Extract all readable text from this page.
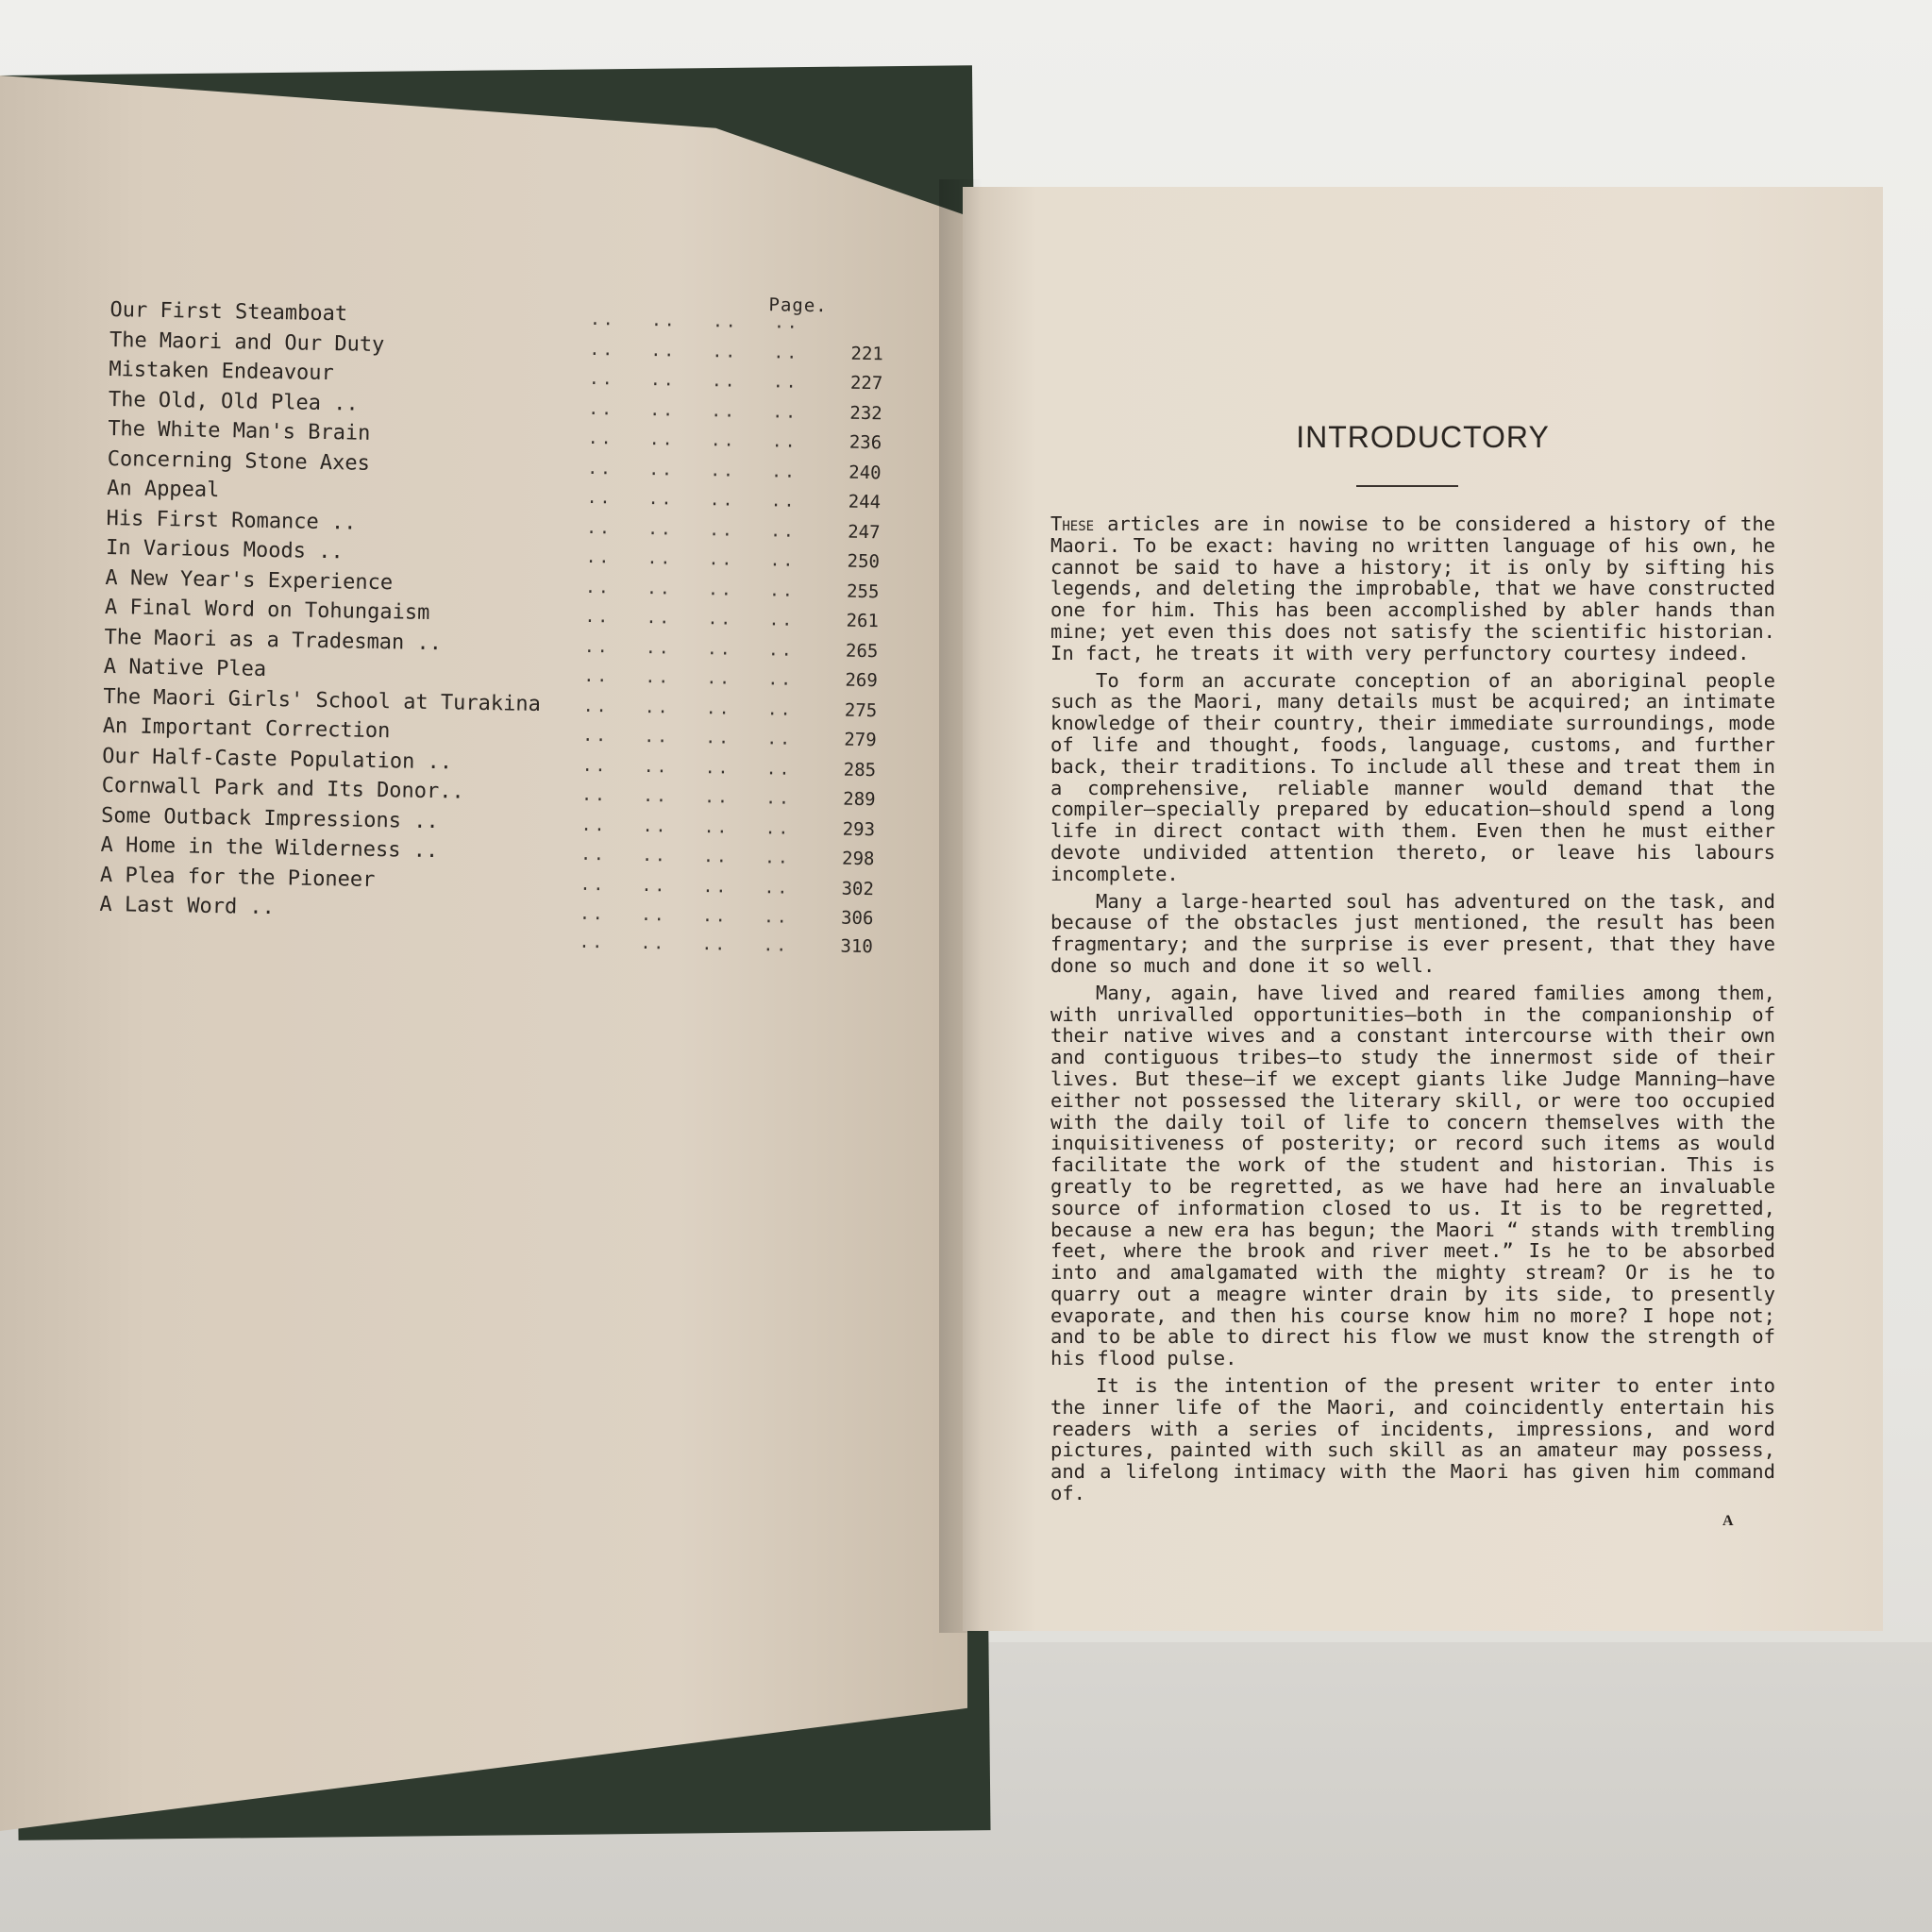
Page.
Our First Steamboat	.. .. .. ..
The Maori and Our Duty	.. .. .. ..	221
Mistaken Endeavour	.. .. .. ..	227
The Old, Old Plea ..	.. .. .. ..	232
The White Man's Brain	.. .. .. ..	236
Concerning Stone Axes	.. .. .. ..	240
An Appeal	.. .. .. ..	244
His First Romance ..	.. .. .. ..	247
In Various Moods ..	.. .. .. ..	250
A New Year's Experience	.. .. .. ..	255
A Final Word on Tohungaism	.. .. .. ..	261
The Maori as a Tradesman ..	.. .. .. ..	265
A Native Plea	.. .. .. ..	269
The Maori Girls' School at Turakina	.. .. .. ..	275
An Important Correction	.. .. .. ..	279
Our Half-Caste Population ..	.. .. .. ..	285
Cornwall Park and Its Donor..	.. .. .. ..	289
Some Outback Impressions ..	.. .. .. ..	293
A Home in the Wilderness ..	.. .. .. ..	298
A Plea for the Pioneer	.. .. .. ..	302
A Last Word ..	.. .. .. ..	306
.. .. .. ..	310
INTRODUCTORY

These articles are in nowise to be considered a history of the Maori. To be exact: having no written language of his own, he cannot be said to have a history; it is only by sifting his legends, and deleting the improbable, that we have constructed one for him. This has been accomplished by abler hands than mine; yet even this does not satisfy the scientific historian. In fact, he treats it with very perfunctory courtesy indeed.

To form an accurate conception of an aboriginal people such as the Maori, many details must be acquired; an intimate knowledge of their country, their immediate surroundings, mode of life and thought, foods, language, customs, and further back, their traditions. To include all these and treat them in a comprehensive, reliable manner would demand that the compiler—specially prepared by education—should spend a long life in direct contact with them. Even then he must either devote undivided attention thereto, or leave his labours incomplete.

Many a large-hearted soul has adventured on the task, and because of the obstacles just mentioned, the result has been fragmentary; and the surprise is ever present, that they have done so much and done it so well.

Many, again, have lived and reared families among them, with unrivalled opportunities—both in the companionship of their native wives and a constant intercourse with their own and contiguous tribes—to study the innermost side of their lives. But these—if we except giants like Judge Manning—have either not possessed the literary skill, or were too occupied with the daily toil of life to concern themselves with the inquisitiveness of posterity; or record such items as would facilitate the work of the student and historian. This is greatly to be regretted, as we have had here an invaluable source of information closed to us. It is to be regretted, because a new era has begun; the Maori “ stands with trembling feet, where the brook and river meet.” Is he to be absorbed into and amalgamated with the mighty stream? Or is he to quarry out a meagre winter drain by its side, to presently evaporate, and then his course know him no more? I hope not; and to be able to direct his flow we must know the strength of his flood pulse.

It is the intention of the present writer to enter into the inner life of the Maori, and coincidently entertain his readers with a series of incidents, impressions, and word pictures, painted with such skill as an amateur may possess, and a lifelong intimacy with the Maori has given him command of.

A
